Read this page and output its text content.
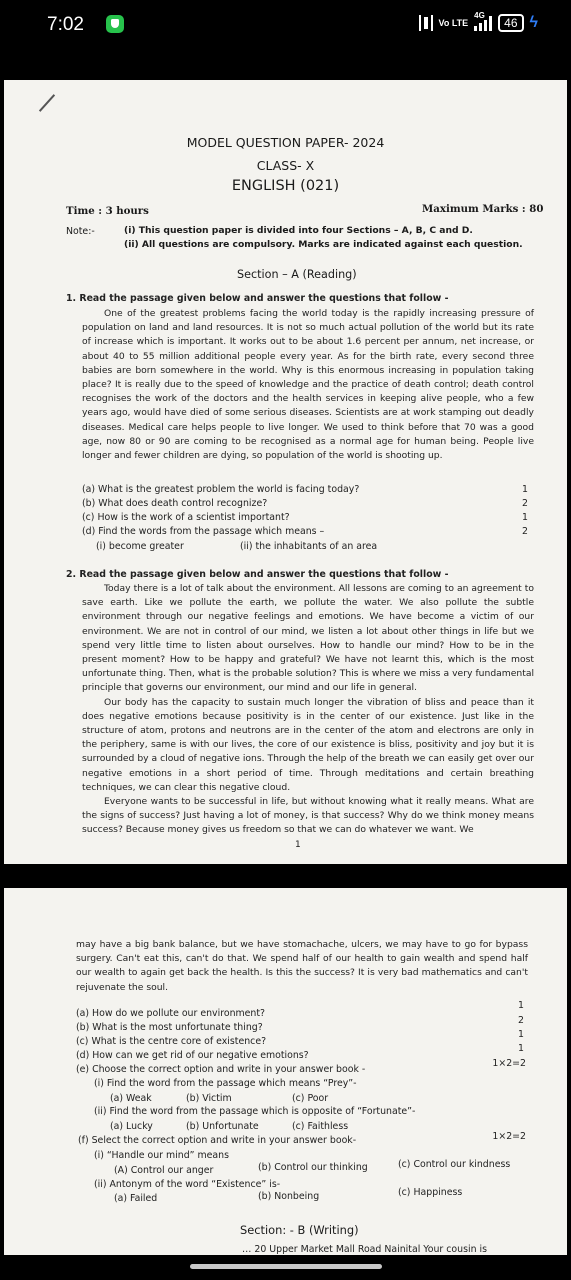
7:02	Vo LTE
4G
46 ϟ
MODEL QUESTION PAPER- 2024
CLASS- X
ENGLISH (021)
Time : 3 hours	Maximum Marks : 80
Note:-	(i) This question paper is divided into four Sections – A, B, C and D.
(ii) All questions are compulsory. Marks are indicated against each question.
Section – A (Reading)
1. Read the passage given below and answer the questions that follow -
One of the greatest problems facing the world today is the rapidly increasing pressure of population on land and land resources. It is not so much actual pollution of the world but its rate of increase which is important. It works out to be about 1.6 percent per annum, net increase, or about 40 to 55 million additional people every year. As for the birth rate, every second three babies are born somewhere in the world. Why is this enormous increasing in population taking place? It is really due to the speed of knowledge and the practice of death control; death control recognises the work of the doctors and the health services in keeping alive people, who a few years ago, would have died of some serious diseases. Scientists are at work stamping out deadly diseases. Medical care helps people to live longer. We used to think before that 70 was a good age, now 80 or 90 are coming to be recognised as a normal age for human being. People live longer and fewer children are dying, so population of the world is shooting up.
(a) What is the greatest problem the world is facing today?	1
(b) What does death control recognize?	2
(c) How is the work of a scientist important?	1
(d) Find the words from the passage which means –	2
(i) become greater	(ii) the inhabitants of an area
2. Read the passage given below and answer the questions that follow -
Today there is a lot of talk about the environment. All lessons are coming to an agreement to save earth. Like we pollute the earth, we pollute the water. We also pollute the subtle environment through our negative feelings and emotions. We have become a victim of our environment. We are not in control of our mind, we listen a lot about other things in life but we spend very little time to listen about ourselves. How to handle our mind? How to be in the present moment? How to be happy and grateful? We have not learnt this, which is the most unfortunate thing. Then, what is the probable solution? This is where we miss a very fundamental principle that governs our environment, our mind and our life in general.
Our body has the capacity to sustain much longer the vibration of bliss and peace than it does negative emotions because positivity is in the center of our existence. Just like in the structure of atom, protons and neutrons are in the center of the atom and electrons are only in the periphery, same is with our lives, the core of our existence is bliss, positivity and joy but it is surrounded by a cloud of negative ions. Through the help of the breath we can easily get over our negative emotions in a short period of time. Through meditations and certain breathing techniques, we can clear this negative cloud.
Everyone wants to be successful in life, but without knowing what it really means. What are the signs of success? Just having a lot of money, is that success? Why do we think money means success? Because money gives us freedom so that we can do whatever we want. We
1
may have a big bank balance, but we have stomachache, ulcers, we may have to go for bypass surgery. Can't eat this, can't do that. We spend half of our health to gain wealth and spend half our wealth to again get back the health. Is this the success? It is very bad mathematics and can't rejuvenate the soul.
(a) How do we pollute our environment?
1
(b) What is the most unfortunate thing?
2
(c) What is the centre core of existence?
1
(d) How can we get rid of our negative emotions?
1
(e) Choose the correct option and write in your answer book -
1×2=2
(i) Find the word from the passage which means “Prey”-
(a) Weak	(b) Victim	(c) Poor
(ii) Find the word from the passage which is opposite of “Fortunate”-
(a) Lucky	(b) Unfortunate	(c) Faithless
(f) Select the correct option and write in your answer book-	1×2=2
(i) “Handle our mind” means
(A) Control our anger	(b) Control our thinking	(c) Control our kindness
(ii) Antonym of the word “Existence” is-
(a) Failed	(b) Nonbeing	(c) Happiness
Section: - B (Writing)
… 20 Upper Market Mall Road Nainital Your cousin is
